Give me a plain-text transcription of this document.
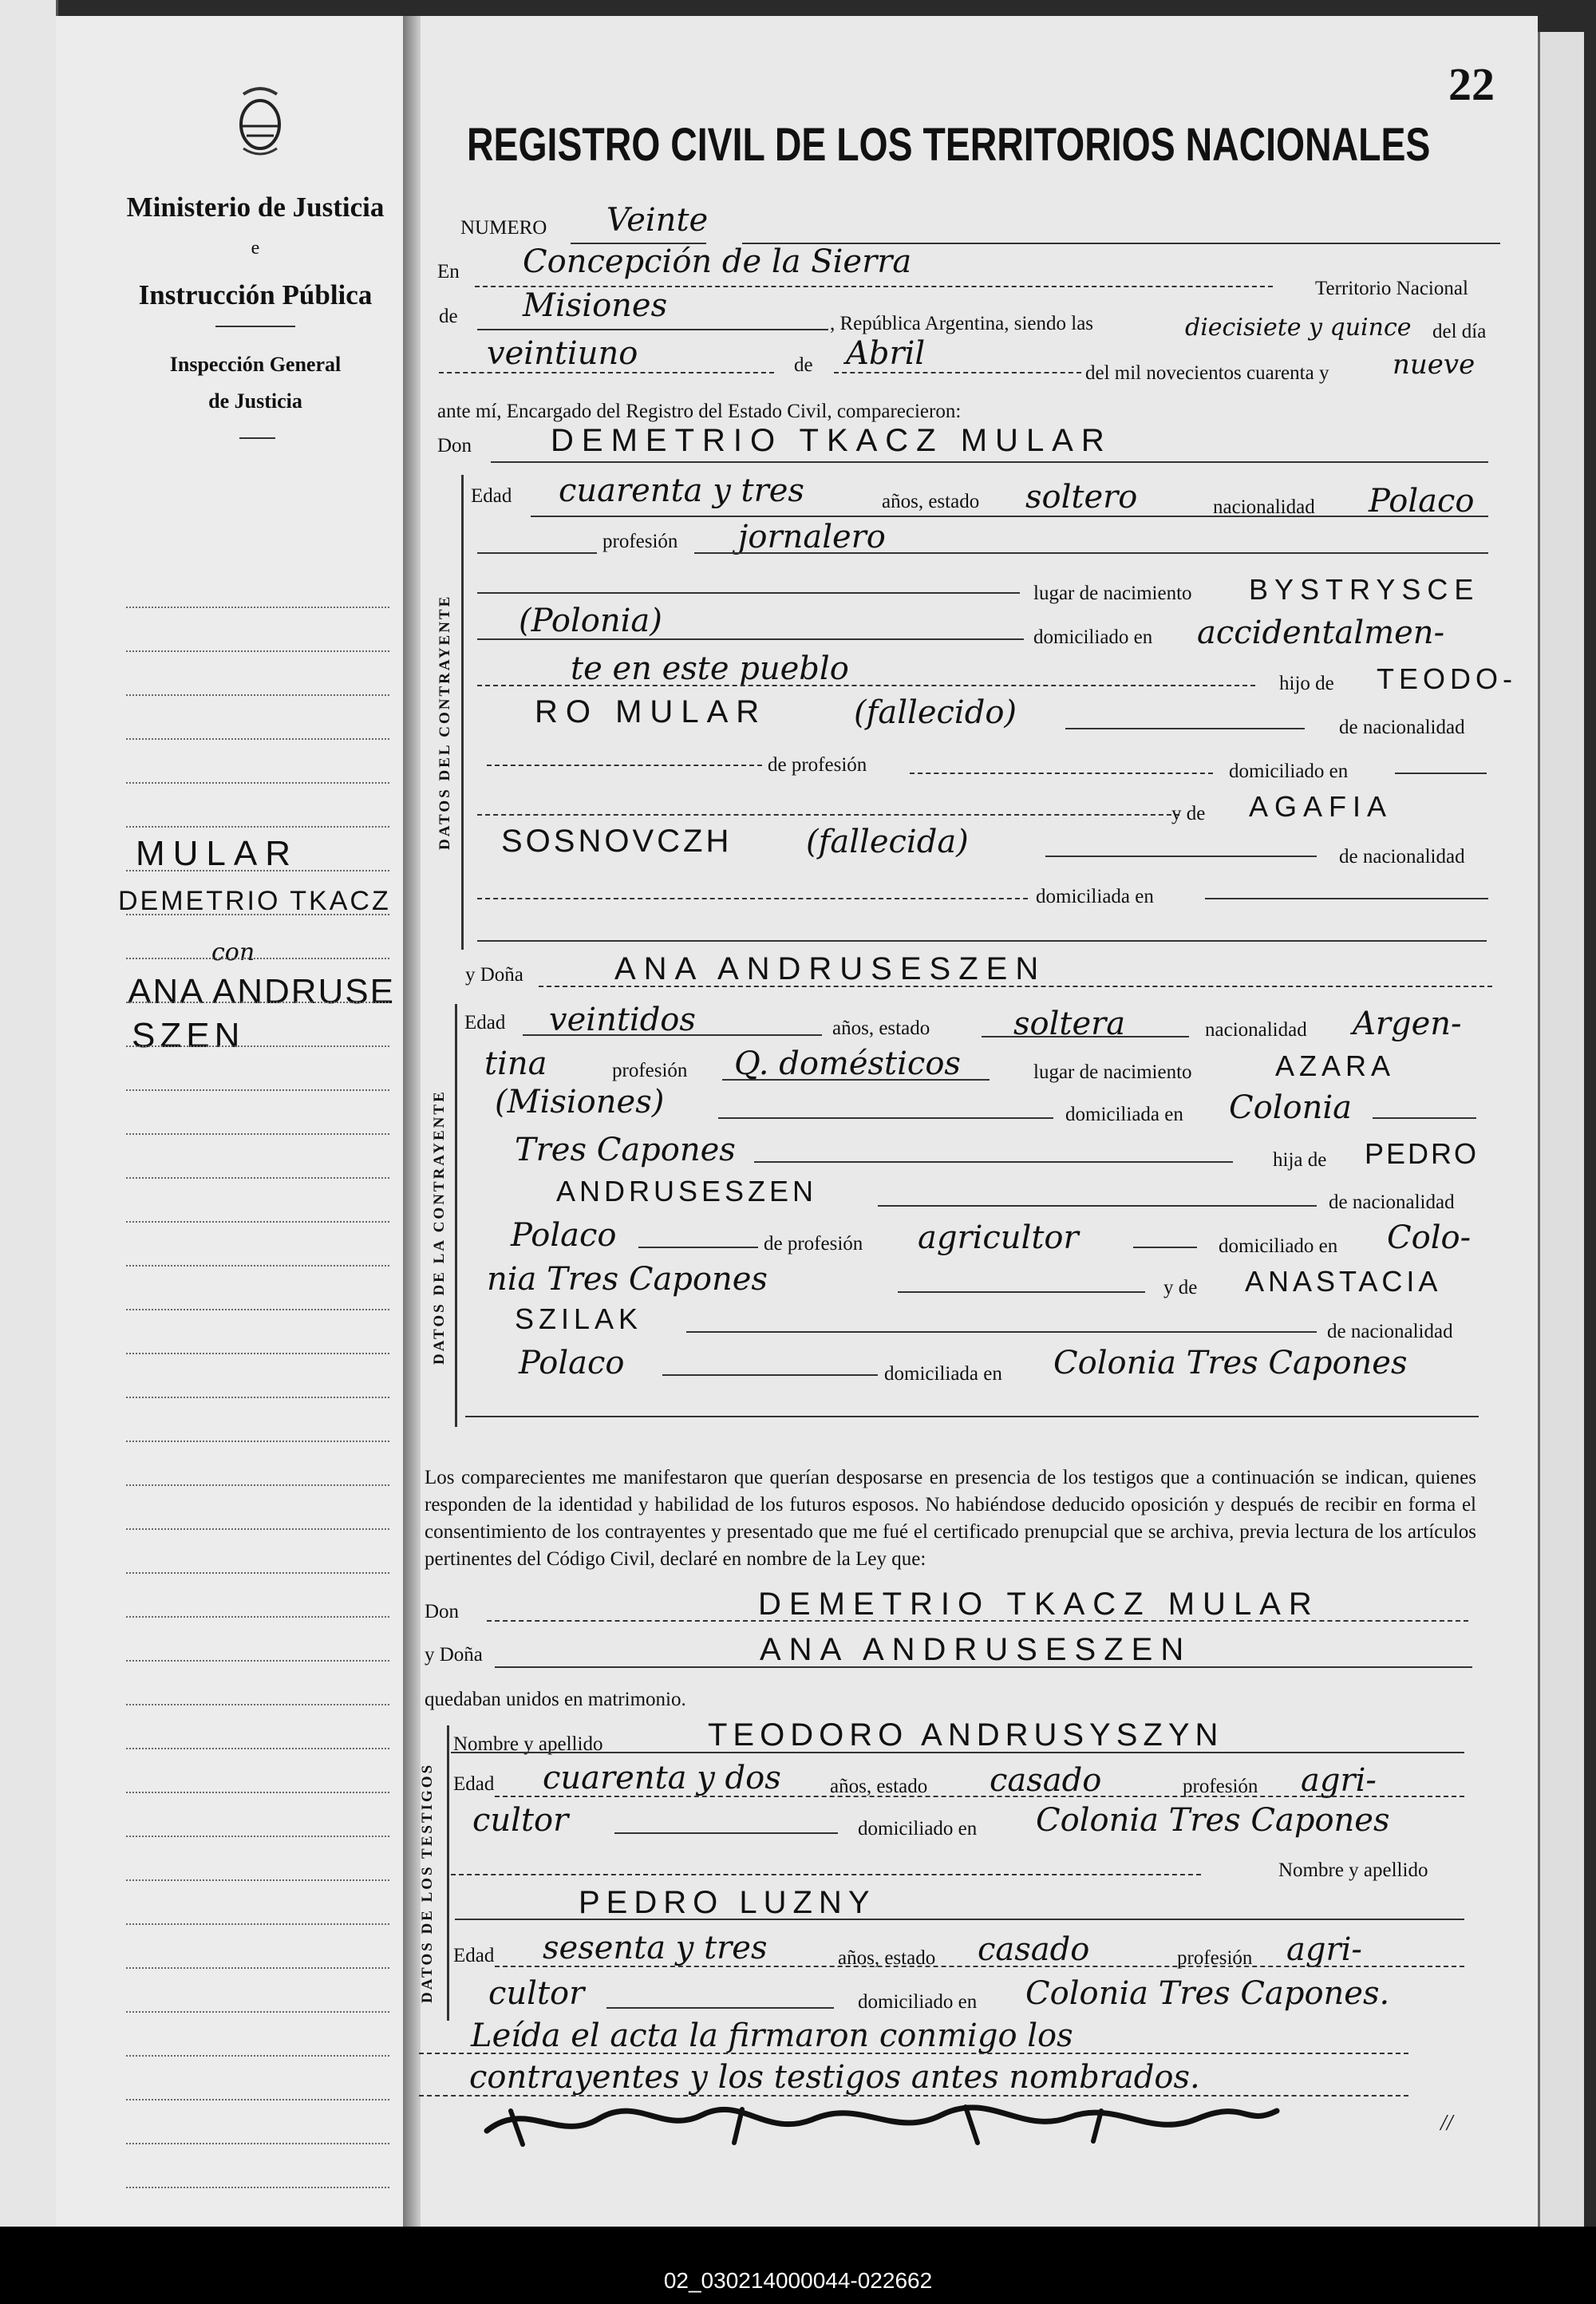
02_030214000044-022662
Ministerio de Justicia
e
Instrucción Pública
Inspección General
de Justicia
MULAR
DEMETRIO TKACZ
con
ANA ANDRUSE
SZEN
22
REGISTRO CIVIL DE LOS TERRITORIOS NACIONALES
NUMERO Veinte
En Concepción de la Sierra
Territorio Nacional
de Misiones	, República Argentina, siendo las	diecisiete y quince del día
veintiuno	de Abril
del mil novecientos cuarenta y nueve
ante mí, Encargado del Registro del Estado Civil, comparecieron:
Don DEMETRIO TKACZ MULAR
DATOS DEL CONTRAYENTE
Edad cuarenta y tres	años, estado soltero	nacionalidad Polaco
profesión jornalero
lugar de nacimiento BYSTRYSCE
(Polonia)	domiciliado en accidentalmen-
te en este pueblo	hijo de TEODO-
RO MULAR	(fallecido)	de nacionalidad
de profesión	domiciliado en
y de AGAFIA
SOSNOVCZH (fallecida)	de nacionalidad
domiciliada en
y Doña	ANA ANDRUSESZEN
DATOS DE LA CONTRAYENTE
Edad veintidos	años, estado	soltera	nacionalidad Argen-
tina	profesión Q. domésticos	lugar de nacimiento	AZARA
(Misiones)	domiciliada en Colonia
Tres Capones	hija de PEDRO
ANDRUSESZEN	de nacionalidad
Polaco	de profesión agricultor	domiciliado en Colo-
nia Tres Capones	y de ANASTACIA
SZILAK	de nacionalidad
Polaco	domiciliada en Colonia Tres Capones
Los comparecientes me manifestaron que querían desposarse en presencia de los testigos que a continuación se indican, quienes responden de la identidad y habilidad de los futuros esposos. No habiéndose deducido oposición y después de recibir en forma el consentimiento de los contrayentes y presentado que me fué el certificado prenupcial que se archiva, previa lectura de los artículos pertinentes del Código Civil, declaré en nombre de la Ley que:
Don	DEMETRIO TKACZ MULAR
y Doña	ANA ANDRUSESZEN
quedaban unidos en matrimonio.
DATOS DE LOS TESTIGOS
Nombre y apellido	TEODORO ANDRUSYSZYN
Edad cuarenta y dos años, estado casado	profesión agri-
cultor	domiciliado en Colonia Tres Capones
Nombre y apellido
PEDRO LUZNY
Edad sesenta y tres	años, estado casado	profesión agri-
cultor	domiciliado en Colonia Tres Capones.
Leída el acta la firmaron conmigo los
contrayentes y los testigos antes nombrados.
//
